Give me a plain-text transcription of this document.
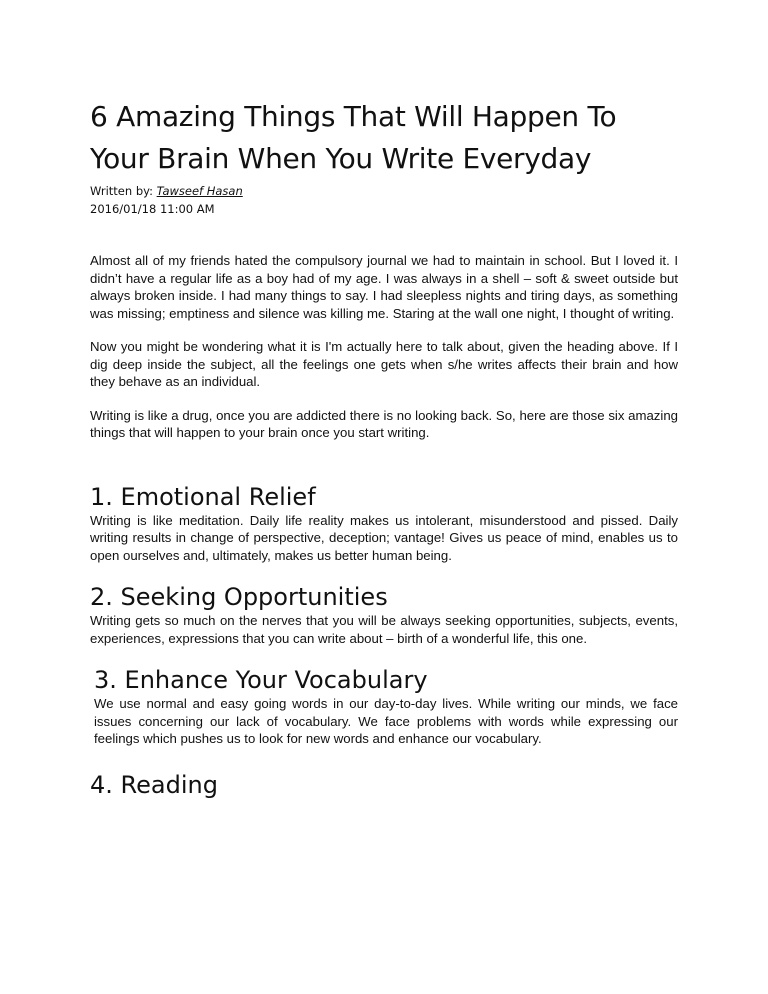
6 Amazing Things That Will Happen To
Your Brain When You Write Everyday
Written by: Tawseef Hasan
2016/01/18 11:00 AM

Almost all of my friends hated the compulsory journal we had to maintain in school. But I loved it. I didn’t have a regular life as a boy had of my age. I was always in a shell – soft & sweet outside but always broken inside. I had many things to say. I had sleepless nights and tiring days, as something was missing; emptiness and silence was killing me. Staring at the wall one night, I thought of writing.

Now you might be wondering what it is I'm actually here to talk about, given the heading above. If I dig deep inside the subject, all the feelings one gets when s/he writes affects their brain and how they behave as an individual.

Writing is like a drug, once you are addicted there is no looking back. So, here are those six amazing things that will happen to your brain once you start writing.

1. Emotional Relief

Writing is like meditation. Daily life reality makes us intolerant, misunderstood and pissed. Daily writing results in change of perspective, deception; vantage! Gives us peace of mind, enables us to open ourselves and, ultimately, makes us better human being.

2. Seeking Opportunities

Writing gets so much on the nerves that you will be always seeking opportunities, subjects, events, experiences, expressions that you can write about – birth of a wonderful life, this one.

3. Enhance Your Vocabulary

We use normal and easy going words in our day-to-day lives. While writing our minds, we face issues concerning our lack of vocabulary. We face problems with words while expressing our feelings which pushes us to look for new words and enhance our vocabulary.

4. Reading
